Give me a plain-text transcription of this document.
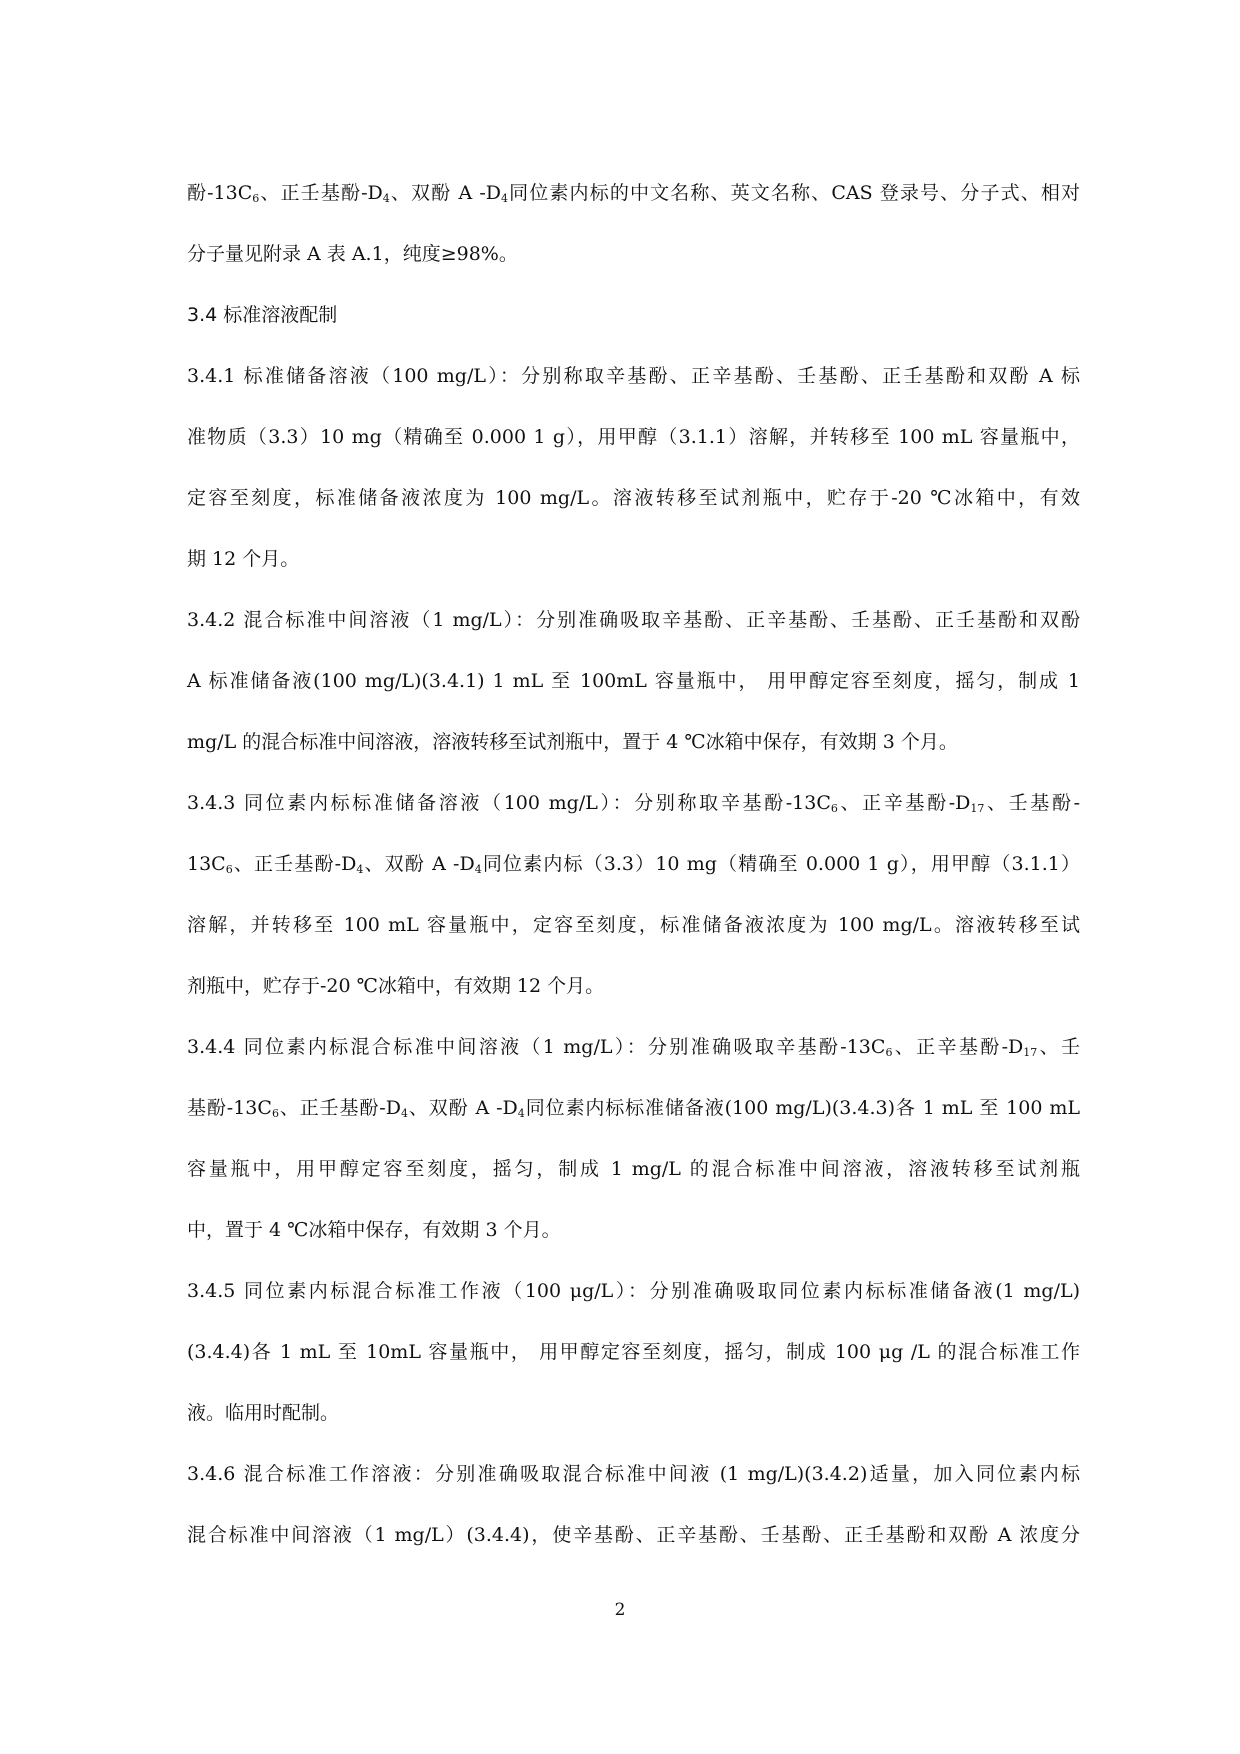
酚$-13C_6$、正壬基酚$-D_4$、双酚 A $-D_4$同位素内标的中文名称、英文名称、CAS 登录号、分子式、相对
分子量见附录 A 表 A.1，纯度≥98%。
3.4 标准溶液配制
3.4.1 标准储备溶液（100 mg/L）：分别称取辛基酚、正辛基酚、壬基酚、正壬基酚和双酚 A 标
准物质（3.3）10 mg（精确至 0.000 1 g），用甲醇（3.1.1）溶解，并转移至 100 mL 容量瓶中，
定容至刻度，标准储备液浓度为 100 mg/L。溶液转移至试剂瓶中，贮存于-20 ℃冰箱中，有效
期 12 个月。
3.4.2 混合标准中间溶液（1 mg/L）：分别准确吸取辛基酚、正辛基酚、壬基酚、正壬基酚和双酚
A 标准储备液(100 mg/L)(3.4.1) 1 mL 至 100mL 容量瓶中， 用甲醇定容至刻度，摇匀，制成 1
mg/L 的混合标准中间溶液，溶液转移至试剂瓶中，置于 4 ℃冰箱中保存，有效期 3 个月。
3.4.3 同位素内标标准储备溶液（100 mg/L）：分别称取辛基酚$-13C_6$、正辛基酚$-D_{17}$、壬基酚-
$13C_6$、正壬基酚$-D_4$、双酚 A $-D_4$同位素内标（3.3）10 mg（精确至 0.000 1 g），用甲醇（3.1.1）
溶解，并转移至 100 mL 容量瓶中，定容至刻度，标准储备液浓度为 100 mg/L。溶液转移至试
剂瓶中，贮存于-20 ℃冰箱中，有效期 12 个月。
3.4.4 同位素内标混合标准中间溶液（1 mg/L）：分别准确吸取辛基酚$-13C_6$、正辛基酚$-D_{17}$、壬
基酚$-13C_6$、正壬基酚$-D_4$、双酚 A $-D_4$同位素内标标准储备液(100 mg/L)(3.4.3)各 1 mL 至 100 mL
容量瓶中，用甲醇定容至刻度，摇匀，制成 1 mg/L 的混合标准中间溶液，溶液转移至试剂瓶
中，置于 4 ℃冰箱中保存，有效期 3 个月。
3.4.5 同位素内标混合标准工作液（100 μg/L）：分别准确吸取同位素内标标准储备液(1 mg/L)
(3.4.4)各 1 mL 至 10mL 容量瓶中， 用甲醇定容至刻度，摇匀，制成 100 μg /L 的混合标准工作
液。临用时配制。
3.4.6 混合标准工作溶液：分别准确吸取混合标准中间液 (1 mg/L)(3.4.2)适量，加入同位素内标
混合标准中间溶液（1 mg/L）(3.4.4)，使辛基酚、正辛基酚、壬基酚、正壬基酚和双酚 A 浓度分
2
